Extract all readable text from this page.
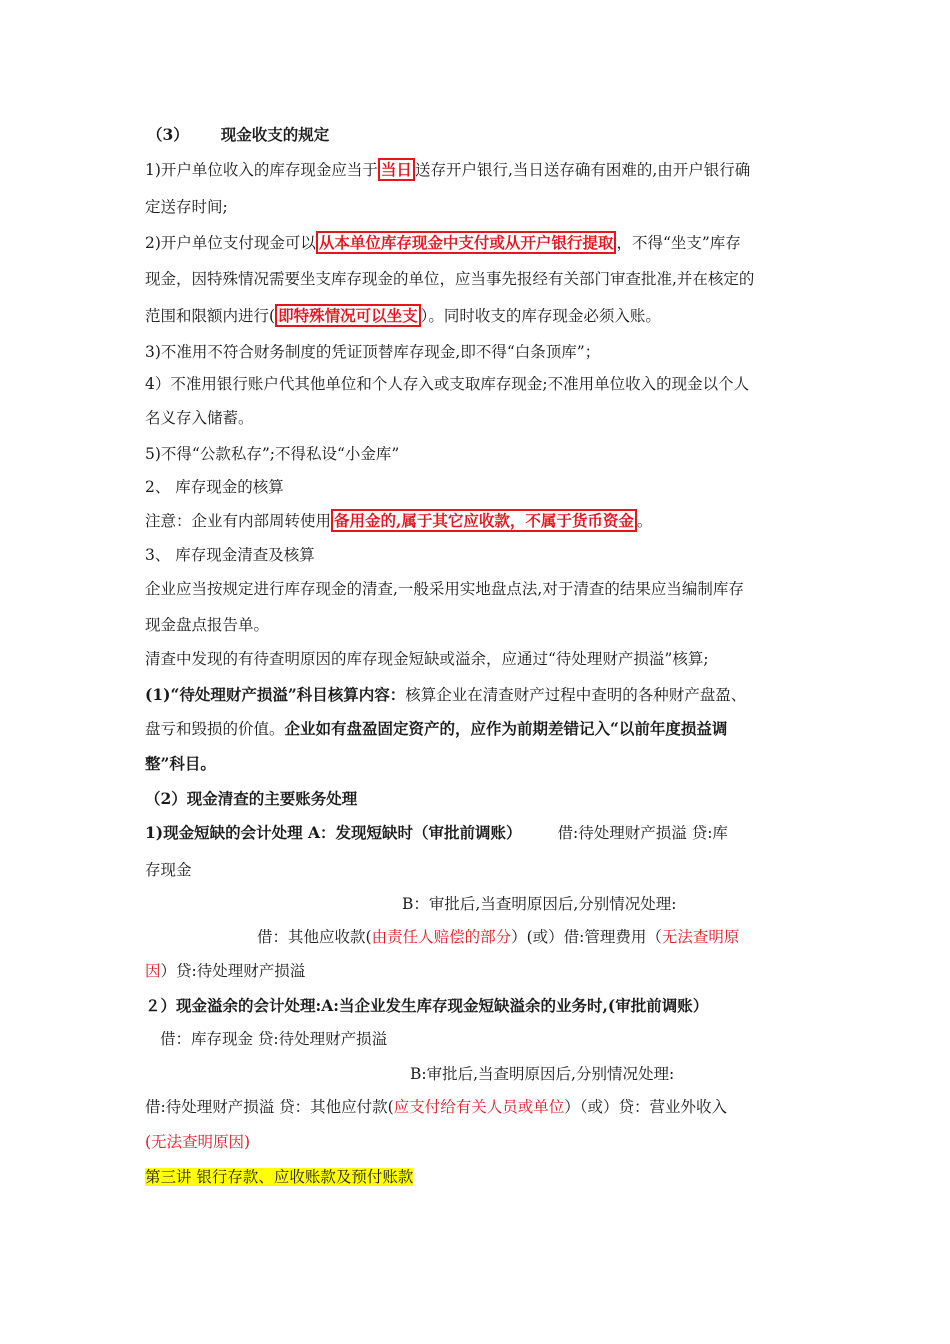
（3） 现金收支的规定
1)开户单位收入的库存现金应当于 当日 送存开户银行,当日送存确有困难的,由开户银行确
定送存时间;
2)开户单位支付现金可以 从本单位库存现金中支付或从开户银行提取 ，不得“坐支”库存
现金，因特殊情况需要坐支库存现金的单位，应当事先报经有关部门审查批准,并在核定的
范围和限额内进行( 即特殊情况可以坐支 ）。同时收支的库存现金必须入账。
3)不准用不符合财务制度的凭证顶替库存现金,即不得“白条顶库”；
4）不准用银行账户代其他单位和个人存入或支取库存现金;不准用单位收入的现金以个人
名义存入储蓄。
5)不得“公款私存”;不得私设“小金库”
2、 库存现金的核算
注意：企业有内部周转使用 备用金的,属于其它应收款，不属于货币资金 。
3、 库存现金清查及核算
企业应当按规定进行库存现金的清查,一般采用实地盘点法,对于清查的结果应当编制库存
现金盘点报告单。
清查中发现的有待查明原因的库存现金短缺或溢余，应通过“待处理财产损溢”核算;
(1)“待处理财产损溢”科目核算内容：核算企业在清查财产过程中查明的各种财产盘盈、
盘亏和毁损的价值。企业如有盘盈固定资产的，应作为前期差错记入“以前年度损益调
整”科目。
（2）现金清查的主要账务处理
1)现金短缺的会计处理 A：发现短缺时（审批前调账） 借:待处理财产损溢 贷:库
存现金
B：审批后,当查明原因后,分别情况处理:
借：其他应收款(由责任人赔偿的部分）(或）借:管理费用（无法查明原
因）贷:待处理财产损溢
２）现金溢余的会计处理:A:当企业发生库存现金短缺溢余的业务时,(审批前调账）
借：库存现金 贷:待处理财产损溢
B:审批后,当查明原因后,分别情况处理:
借:待处理财产损溢 贷：其他应付款(应支付给有关人员或单位）（或）贷：营业外收入
(无法查明原因)
第三讲 银行存款、应收账款及预付账款
